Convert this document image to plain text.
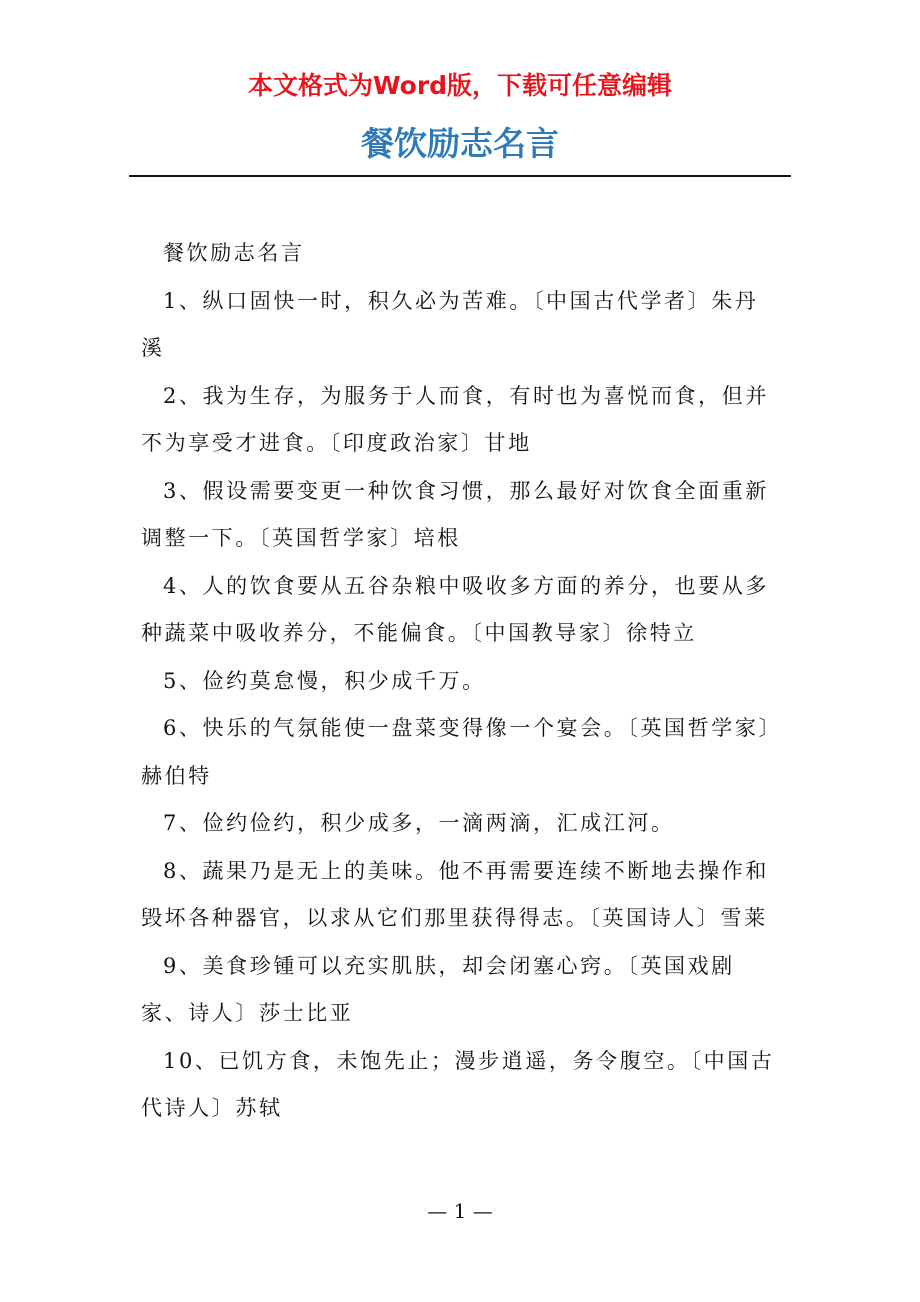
本文格式为Word版，下载可任意编辑
餐饮励志名言

餐饮励志名言

1、纵口固快一时，积久必为苦难。〔中国古代学者〕朱丹溪

2、我为生存，为服务于人而食，有时也为喜悦而食，但并不为享受才进食。〔印度政治家〕甘地

3、假设需要变更一种饮食习惯，那么最好对饮食全面重新调整一下。〔英国哲学家〕培根

4、人的饮食要从五谷杂粮中吸收多方面的养分，也要从多种蔬菜中吸收养分，不能偏食。〔中国教导家〕徐特立

5、俭约莫怠慢，积少成千万。

6、快乐的气氛能使一盘菜变得像一个宴会。〔英国哲学家〕赫伯特

7、俭约俭约，积少成多，一滴两滴，汇成江河。

8、蔬果乃是无上的美味。他不再需要连续不断地去操作和毁坏各种器官，以求从它们那里获得得志。〔英国诗人〕雪莱

9、美食珍锺可以充实肌肤，却会闭塞心窍。〔英国戏剧家、诗人〕莎士比亚

10、已饥方食，未饱先止；漫步逍遥，务令腹空。〔中国古代诗人〕苏轼

— 1 —
